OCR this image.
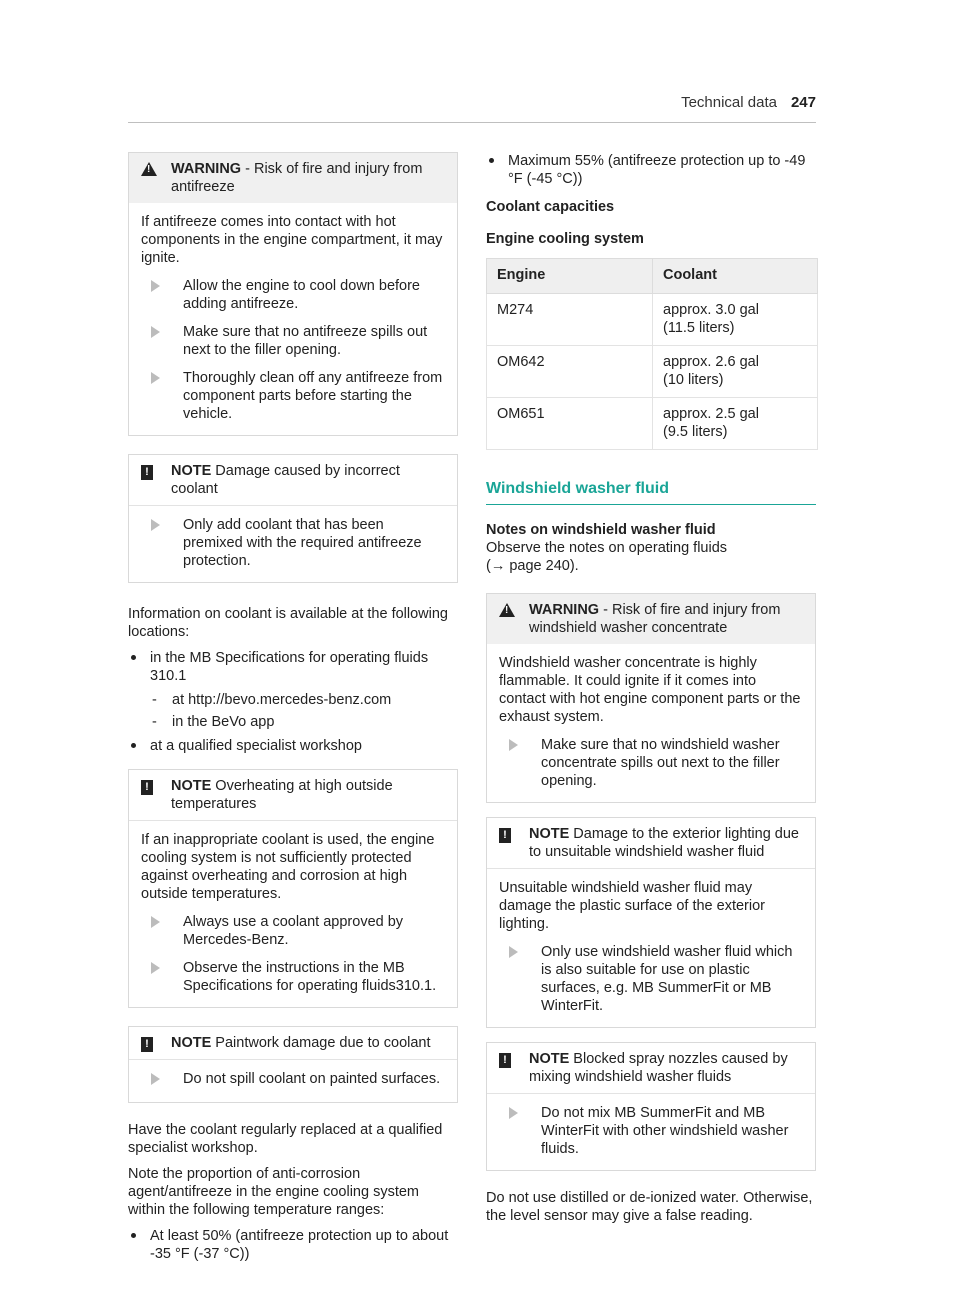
Technical data 247
!
WARNING - Risk of fire and injury from antifreeze

If antifreeze comes into contact with hot components in the engine compartment, it may ignite.

Allow the engine to cool down before adding antifreeze.
Make sure that no antifreeze spills out next to the filler opening.
Thoroughly clean off any antifreeze from component parts before starting the vehicle.
!	NOTE Damage caused by incorrect coolant
Only add coolant that has been premixed with the required antifreeze protection.

Information on coolant is available at the following locations:

in the MB Specifications for operating fluids 310.1
-	at http://bevo.mercedes-benz.com
-	in the BeVo app
at a qualified specialist workshop
!	NOTE Overheating at high outside temperatures

If an inappropriate coolant is used, the engine cooling system is not sufficiently protected against overheating and corrosion at high outside temperatures.

Always use a coolant approved by Mercedes-Benz.
Observe the instructions in the MB Specifications for operating fluids310.1.
!	NOTE Paintwork damage due to coolant
Do not spill coolant on painted surfaces.

Have the coolant regularly replaced at a qualified specialist workshop.

Note the proportion of anti-corrosion agent/antifreeze in the engine cooling system within the following temperature ranges:

At least 50% (antifreeze protection up to about -35 °F (-37 °C))
Maximum 55% (antifreeze protection up to -49 °F (-45 °C))
Coolant capacities
Engine cooling system
Engine	Coolant
M274	approx. 3.0 gal
(11.5 liters)

OM642	approx. 2.6 gal
(10 liters)

OM651	approx. 2.5 gal
(9.5 liters)
Windshield washer fluid
Notes on windshield washer fluid
Observe the notes on operating fluids
(→ page 240).
!
WARNING - Risk of fire and injury from windshield washer concentrate

Windshield washer concentrate is highly flammable. It could ignite if it comes into contact with hot engine component parts or the exhaust system.

Make sure that no windshield washer concentrate spills out next to the filler opening.
!	NOTE Damage to the exterior lighting due to unsuitable windshield washer fluid

Unsuitable windshield washer fluid may damage the plastic surface of the exterior lighting.

Only use windshield washer fluid which is also suitable for use on plastic surfaces, e.g. MB SummerFit or MB WinterFit.
!	NOTE Blocked spray nozzles caused by mixing windshield washer fluids
Do not mix MB SummerFit and MB WinterFit with other windshield washer fluids.

Do not use distilled or de-ionized water. Otherwise, the level sensor may give a false reading.
